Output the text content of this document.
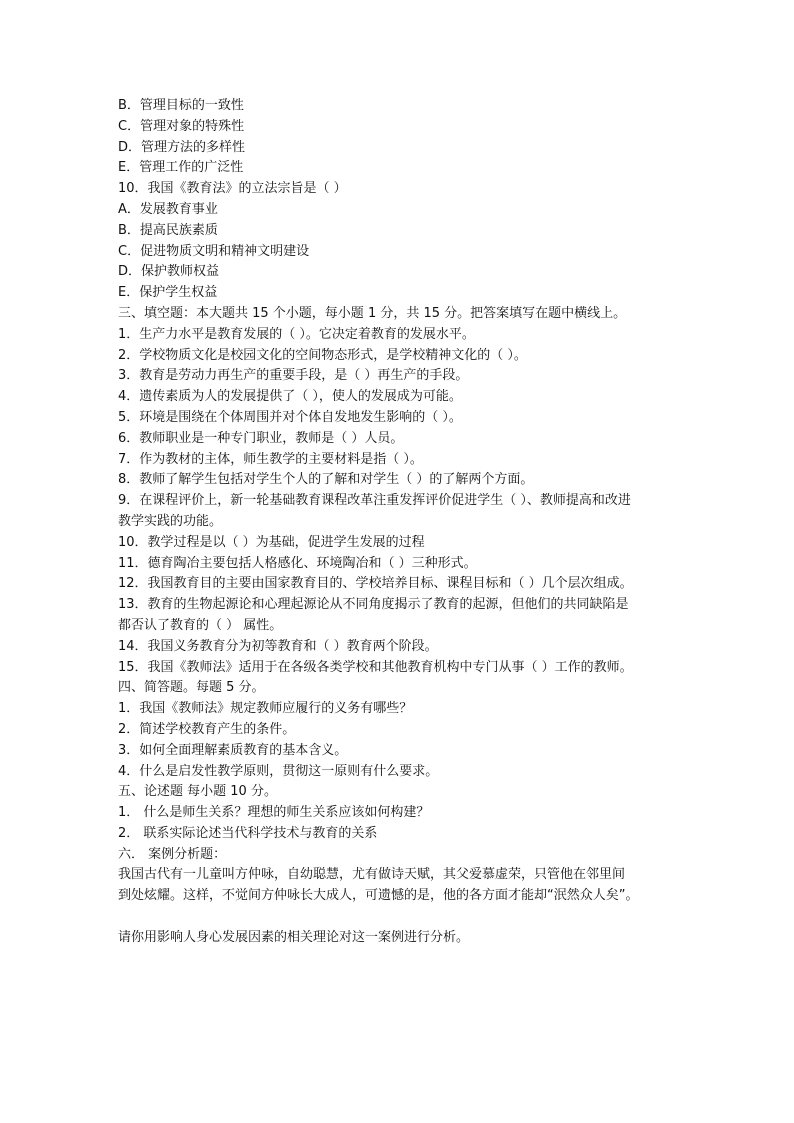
B．管理目标的一致性
C．管理对象的特殊性
D．管理方法的多样性
E．管理工作的广泛性
10．我国《教育法》的立法宗旨是（ ）
A．发展教育事业
B．提高民族素质
C．促进物质文明和精神文明建设
D．保护教师权益
E．保护学生权益
三、填空题：本大题共 15 个小题，每小题 1 分，共 15 分。把答案填写在题中横线上。
1．生产力水平是教育发展的（ ）。它决定着教育的发展水平。
2．学校物质文化是校园文化的空间物态形式，是学校精神文化的（ ）。
3．教育是劳动力再生产的重要手段，是（ ）再生产的手段。
4．遗传素质为人的发展提供了（ ），使人的发展成为可能。
5．环境是围绕在个体周围并对个体自发地发生影响的（ ）。
6．教师职业是一种专门职业，教师是（ ）人员。
7．作为教材的主体，师生教学的主要材料是指（ ）。
8．教师了解学生包括对学生个人的了解和对学生（ ）的了解两个方面。
9．在课程评价上，新一轮基础教育课程改革注重发挥评价促进学生（ ）、教师提高和改进
教学实践的功能。
10．教学过程是以（ ）为基础，促进学生发展的过程
11．德育陶冶主要包括人格感化、环境陶冶和（ ）三种形式。
12．我国教育目的主要由国家教育目的、学校培养目标、课程目标和（ ）几个层次组成。
13．教育的生物起源论和心理起源论从不同角度揭示了教育的起源，但他们的共同缺陷是
都否认了教育的（ ） 属性。
14．我国义务教育分为初等教育和（ ）教育两个阶段。
15．我国《教师法》适用于在各级各类学校和其他教育机构中专门从事（ ）工作的教师。
四、简答题。每题 5 分。
1．我国《教师法》规定教师应履行的义务有哪些？
2．简述学校教育产生的条件。
3．如何全面理解素质教育的基本含义。
4．什么是启发性教学原则，贯彻这一原则有什么要求。
五、论述题 每小题 10 分。
1． 什么是师生关系？理想的师生关系应该如何构建？
2． 联系实际论述当代科学技术与教育的关系
六． 案例分析题：
我国古代有一儿童叫方仲咏，自幼聪慧，尤有做诗天赋，其父爱慕虚荣，只管他在邻里间
到处炫耀。这样，不觉间方仲咏长大成人，可遗憾的是，他的各方面才能却“泯然众人矣”。
请你用影响人身心发展因素的相关理论对这一案例进行分析。
